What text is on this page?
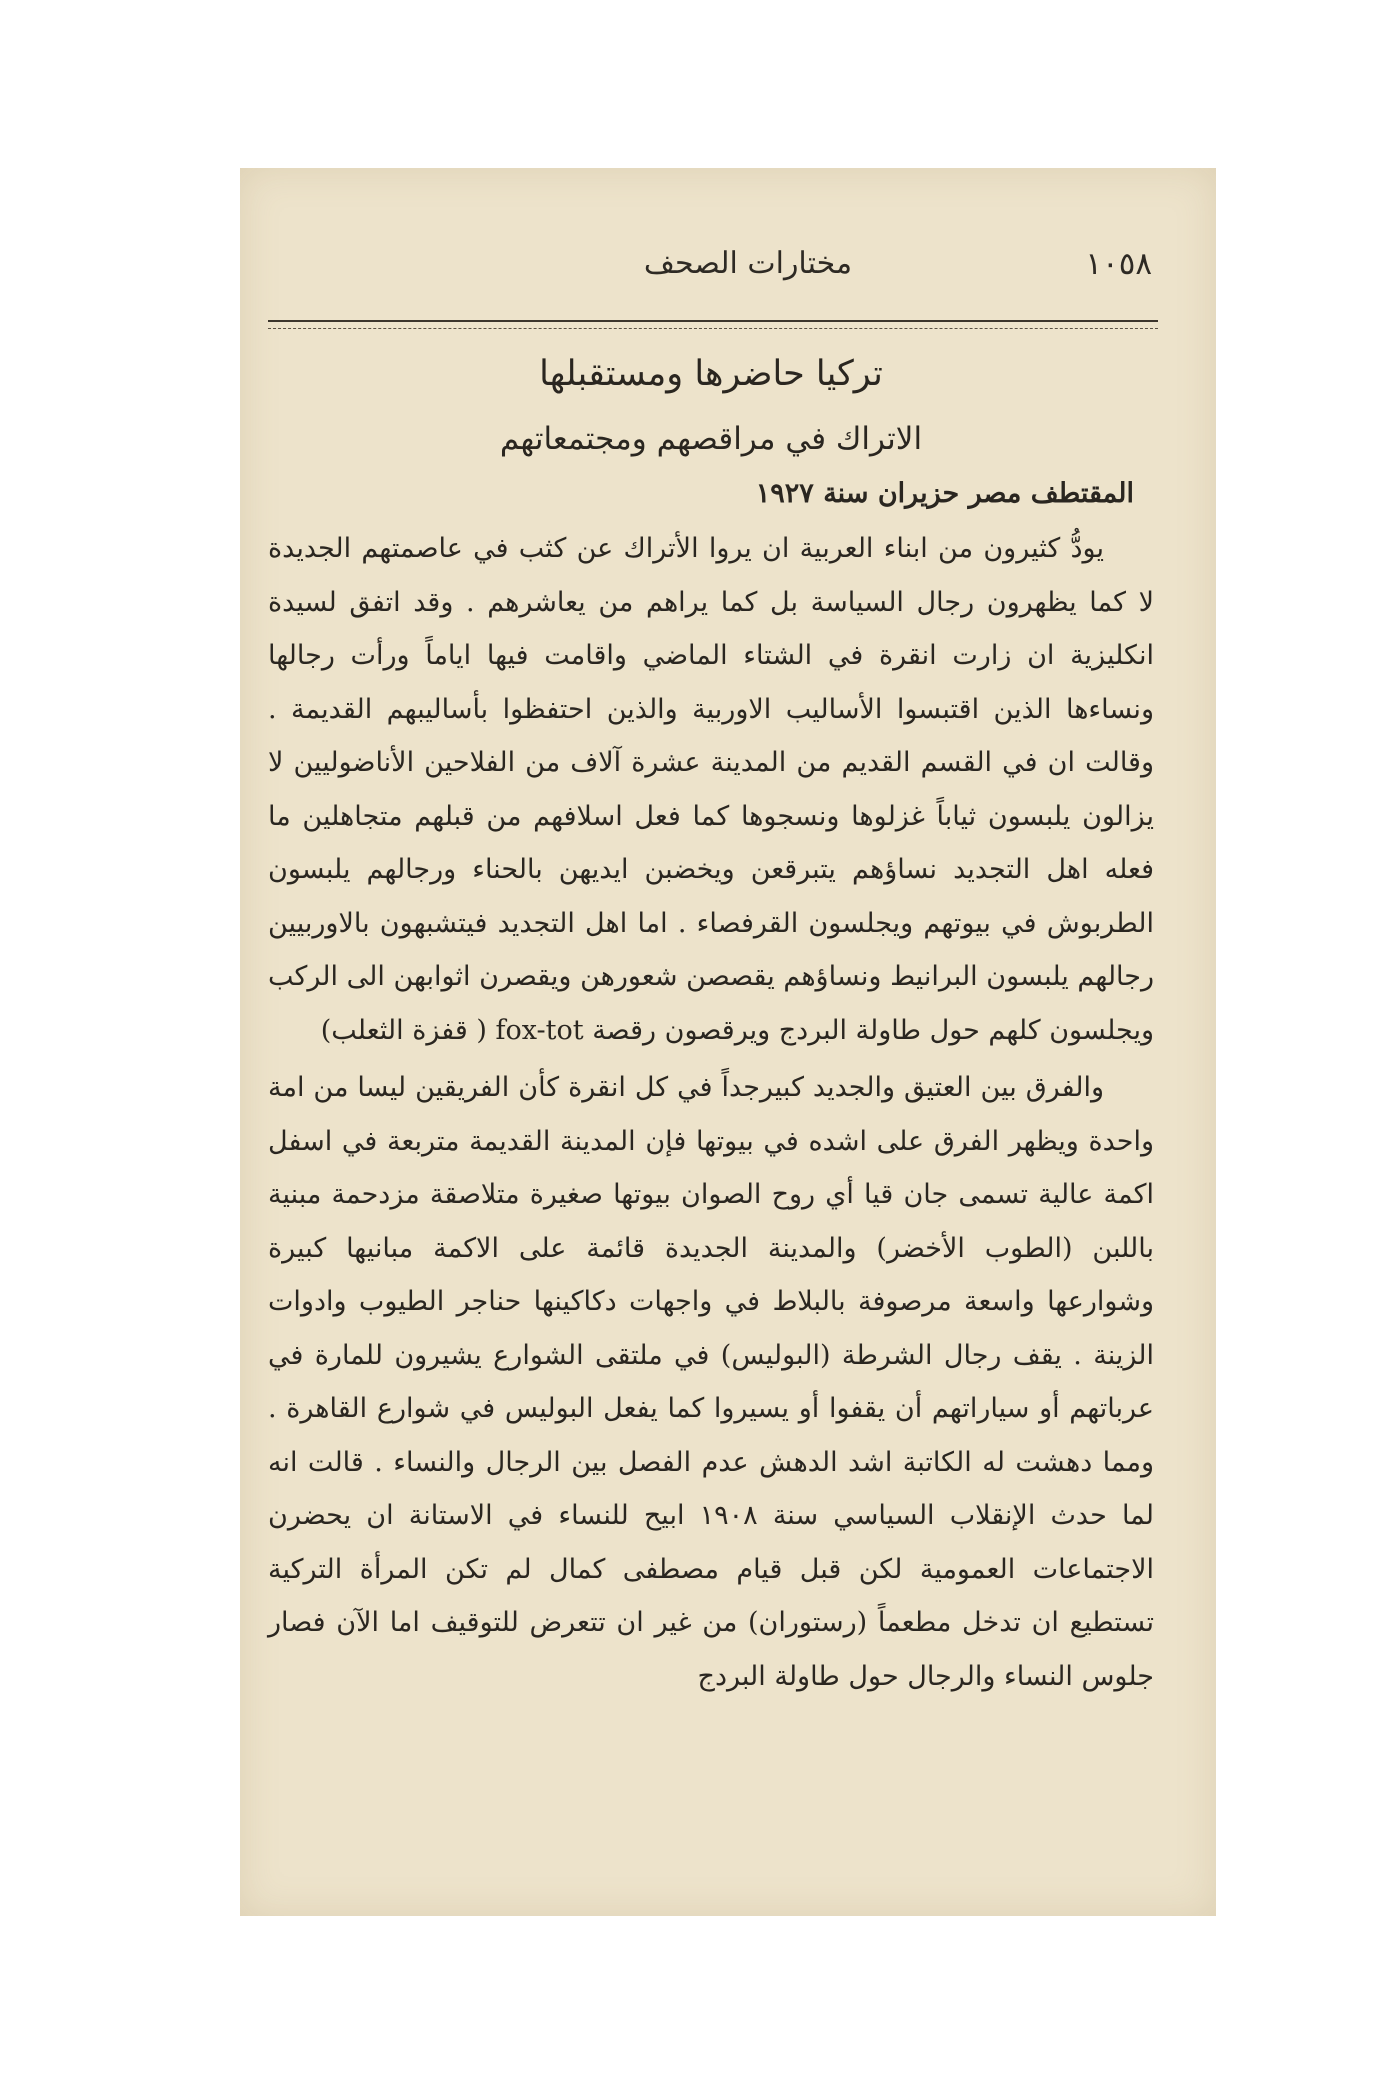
١٠٥٨
مختارات الصحف
تركيا حاضرها ومستقبلها
الاتراك في مراقصهم ومجتمعاتهم
المقتطف مصر حزيران سنة ١٩٢٧

يودُّ كثيرون من ابناء العربية ان يروا الأتراك عن كثب في عاصمتهم الجديدة لا كما يظهرون رجال السياسة بل كما يراهم من يعاشرهم . وقد اتفق لسيدة انكليزية ان زارت انقرة في الشتاء الماضي واقامت فيها اياماً ورأت رجالها ونساءها الذين اقتبسوا الأساليب الاوربية والذين احتفظوا بأساليبهم القديمة . وقالت ان في القسم القديم من المدينة عشرة آلاف من الفلاحين الأناضوليين لا يزالون يلبسون ثياباً غزلوها ونسجوها كما فعل اسلافهم من قبلهم متجاهلين ما فعله اهل التجديد نساؤهم يتبرقعن ويخضبن ايديهن بالحناء ورجالهم يلبسون الطربوش في بيوتهم ويجلسون القرفصاء . اما اهل التجديد فيتشبهون بالاوربيين رجالهم يلبسون البرانيط ونساؤهم يقصصن شعورهن ويقصرن اثوابهن الى الركب ويجلسون كلهم حول طاولة البردج ويرقصون رقصة fox-tot ( قفزة الثعلب)

والفرق بين العتيق والجديد كبيرجداً في كل انقرة كأن الفريقين ليسا من امة واحدة ويظهر الفرق على اشده في بيوتها فإن المدينة القديمة متربعة في اسفل اكمة عالية تسمى جان قيا أي روح الصوان بيوتها صغيرة متلاصقة مزدحمة مبنية باللبن (الطوب الأخضر) والمدينة الجديدة قائمة على الاكمة مبانيها كبيرة وشوارعها واسعة مرصوفة بالبلاط في واجهات دكاكينها حناجر الطيوب وادوات الزينة . يقف رجال الشرطة (البوليس) في ملتقى الشوارع يشيرون للمارة في عرباتهم أو سياراتهم أن يقفوا أو يسيروا كما يفعل البوليس في شوارع القاهرة . ومما دهشت له الكاتبة اشد الدهش عدم الفصل بين الرجال والنساء . قالت انه لما حدث الإنقلاب السياسي سنة ١٩٠٨ ابيح للنساء في الاستانة ان يحضرن الاجتماعات العمومية لكن قبل قيام مصطفى كمال لم تكن المرأة التركية تستطيع ان تدخل مطعماً (رستوران) من غير ان تتعرض للتوقيف اما الآن فصار جلوس النساء والرجال حول طاولة البردج
